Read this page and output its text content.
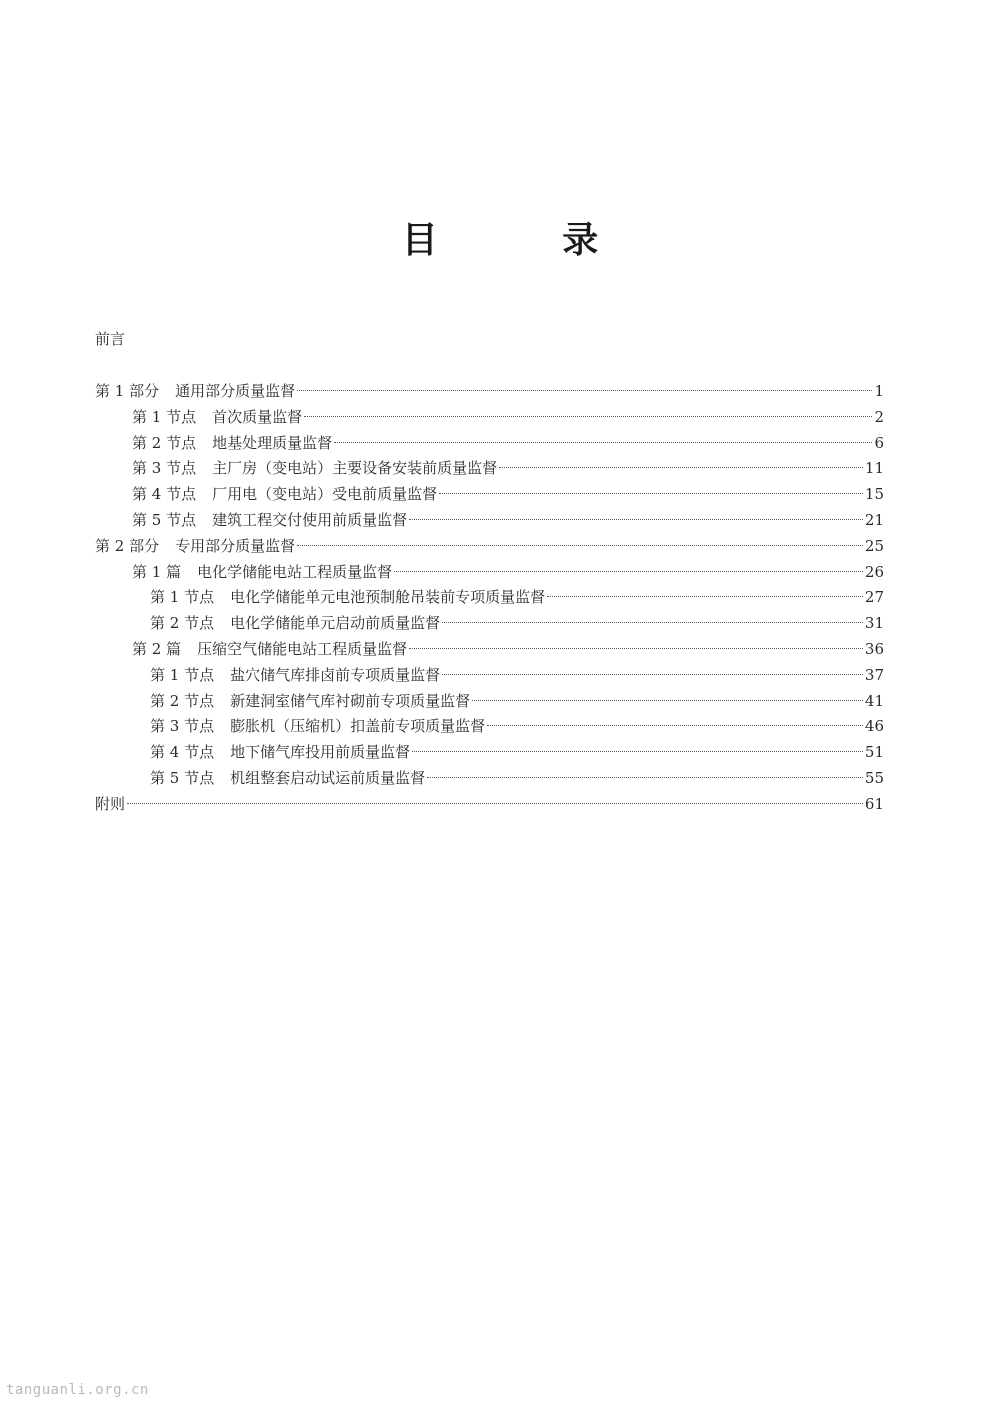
目 录
前言
第 1 部分 通用部分质量监督	1
第 1 节点 首次质量监督	2
第 2 节点 地基处理质量监督	6
第 3 节点 主厂房（变电站）主要设备安装前质量监督	11
第 4 节点 厂用电（变电站）受电前质量监督	15
第 5 节点 建筑工程交付使用前质量监督	21
第 2 部分 专用部分质量监督	25
第 1 篇 电化学储能电站工程质量监督	26
第 1 节点 电化学储能单元电池预制舱吊装前专项质量监督	27
第 2 节点 电化学储能单元启动前质量监督	31
第 2 篇 压缩空气储能电站工程质量监督	36
第 1 节点 盐穴储气库排卤前专项质量监督	37
第 2 节点 新建洞室储气库衬砌前专项质量监督	41
第 3 节点 膨胀机（压缩机）扣盖前专项质量监督	46
第 4 节点 地下储气库投用前质量监督	51
第 5 节点 机组整套启动试运前质量监督	55
附则	61
tanguanli.org.cn
